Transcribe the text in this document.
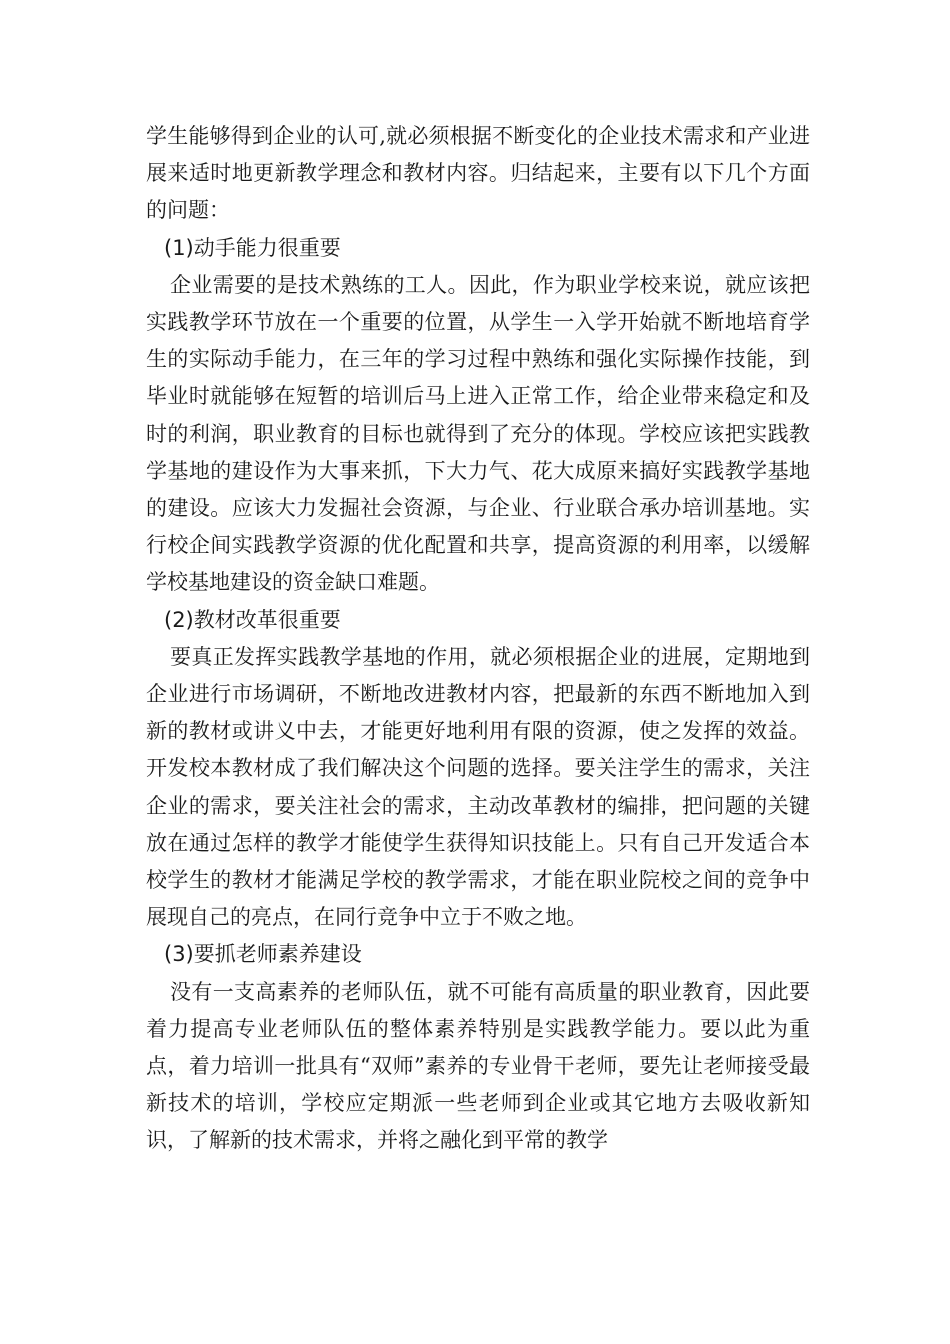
学生能够得到企业的认可,就必须根据不断变化的企业技术需求和产业进展来适时地更新教学理念和教材内容。归结起来，主要有以下几个方面的问题：

(1)动手能力很重要

企业需要的是技术熟练的工人。因此，作为职业学校来说，就应该把实践教学环节放在一个重要的位置，从学生一入学开始就不断地培育学生的实际动手能力，在三年的学习过程中熟练和强化实际操作技能，到毕业时就能够在短暂的培训后马上进入正常工作，给企业带来稳定和及时的利润，职业教育的目标也就得到了充分的体现。学校应该把实践教学基地的建设作为大事来抓，下大力气、花大成原来搞好实践教学基地的建设。应该大力发掘社会资源，与企业、行业联合承办培训基地。实行校企间实践教学资源的优化配置和共享，提高资源的利用率，以缓解学校基地建设的资金缺口难题。

(2)教材改革很重要

要真正发挥实践教学基地的作用，就必须根据企业的进展，定期地到企业进行市场调研，不断地改进教材内容，把最新的东西不断地加入到新的教材或讲义中去，才能更好地利用有限的资源，使之发挥的效益。开发校本教材成了我们解决这个问题的选择。要关注学生的需求，关注企业的需求，要关注社会的需求，主动改革教材的编排，把问题的关键放在通过怎样的教学才能使学生获得知识技能上。只有自己开发适合本校学生的教材才能满足学校的教学需求，才能在职业院校之间的竞争中展现自己的亮点，在同行竞争中立于不败之地。

(3)要抓老师素养建设

没有一支高素养的老师队伍，就不可能有高质量的职业教育，因此要着力提高专业老师队伍的整体素养特别是实践教学能力。要以此为重点，着力培训一批具有“双师”素养的专业骨干老师，要先让老师接受最新技术的培训，学校应定期派一些老师到企业或其它地方去吸收新知识，了解新的技术需求，并将之融化到平常的教学
